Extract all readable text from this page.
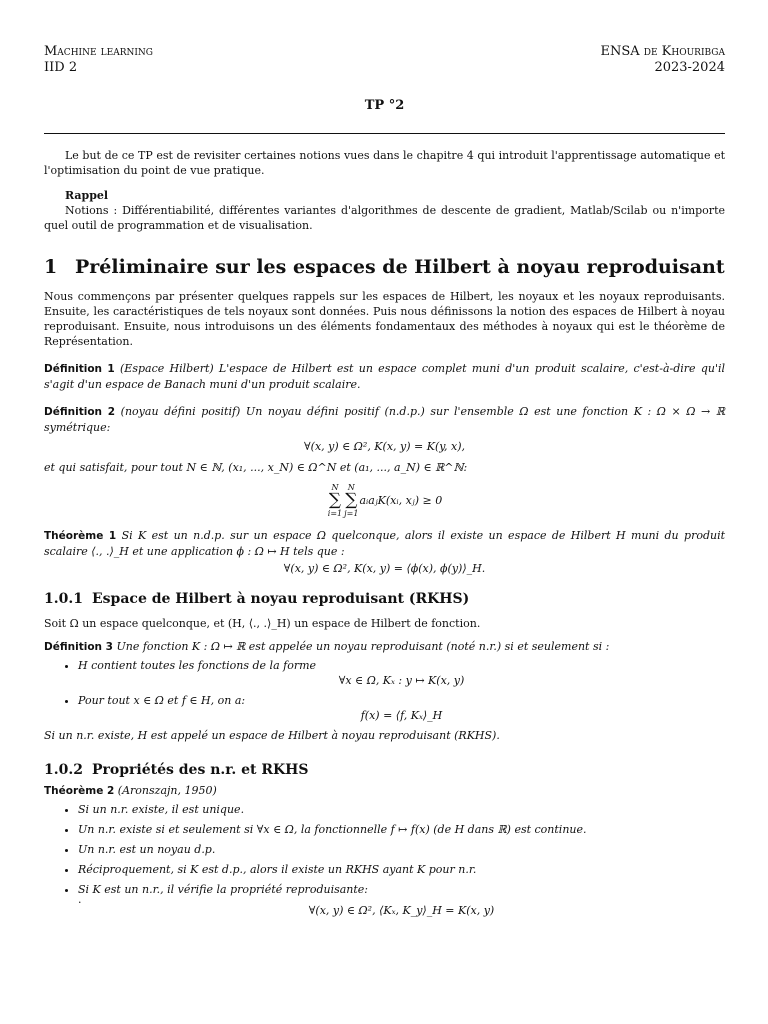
Machine learning
IID 2
ENSA de Khouribga
2023-2024
TP °2
Le but de ce TP est de revisiter certaines notions vues dans le chapitre 4 qui introduit l'apprentissage automatique et l'optimisation du point de vue pratique.
Rappel
Notions : Différentiabilité, différentes variantes d'algorithmes de descente de gradient, Matlab/Scilab ou n'importe quel outil de programmation et de visualisation.
1 Préliminaire sur les espaces de Hilbert à noyau reproduisant
Nous commençons par présenter quelques rappels sur les espaces de Hilbert, les noyaux et les noyaux reproduisants. Ensuite, les caractéristiques de tels noyaux sont données. Puis nous définissons la notion des espaces de Hilbert à noyau reproduisant. Ensuite, nous introduisons un des éléments fondamentaux des méthodes à noyaux qui est le théorème de Représentation.
Définition 1 (Espace Hilbert) L'espace de Hilbert est un espace complet muni d'un produit scalaire, c'est-à-dire qu'il s'agit d'un espace de Banach muni d'un produit scalaire.
Définition 2 (noyau défini positif) Un noyau défini positif (n.d.p.) sur l'ensemble Ω est une fonction K : Ω × Ω → ℝ symétrique:
∀(x, y) ∈ Ω², K(x, y) = K(y, x),
et qui satisfait, pour tout N ∈ ℕ, (x₁, ..., x_N) ∈ Ω^N et (a₁, ..., a_N) ∈ ℝ^ℕ:
N
∑
i=1
N
∑
j=1
aᵢaⱼK(xᵢ, xⱼ) ≥ 0
Théorème 1 Si K est un n.d.p. sur un espace Ω quelconque, alors il existe un espace de Hilbert H muni du produit scalaire ⟨., .⟩_H et une application ϕ : Ω ↦ H tels que :
∀(x, y) ∈ Ω², K(x, y) = ⟨ϕ(x), ϕ(y)⟩_H.
1.0.1 Espace de Hilbert à noyau reproduisant (RKHS)
Soit Ω un espace quelconque, et (H, ⟨., .⟩_H) un espace de Hilbert de fonction.
Définition 3 Une fonction K : Ω ↦ ℝ est appelée un noyau reproduisant (noté n.r.) si et seulement si :
• H contient toutes les fonctions de la forme
∀x ∈ Ω, Kₓ : y ↦ K(x, y)
• Pour tout x ∈ Ω et f ∈ H, on a:
f(x) = ⟨f, Kₓ⟩_H
Si un n.r. existe, H est appelé un espace de Hilbert à noyau reproduisant (RKHS).
1.0.2 Propriétés des n.r. et RKHS
Théorème 2 (Aronszajn, 1950)
• Si un n.r. existe, il est unique.
• Un n.r. existe si et seulement si ∀x ∈ Ω, la fonctionnelle f ↦ f(x) (de H dans ℝ) est continue.
• Un n.r. est un noyau d.p.
• Réciproquement, si K est d.p., alors il existe un RKHS ayant K pour n.r.
• Si K est un n.r., il vérifie la propriété reproduisante:
∀(x, y) ∈ Ω², ⟨Kₓ, K_y⟩_H = K(x, y)
.
